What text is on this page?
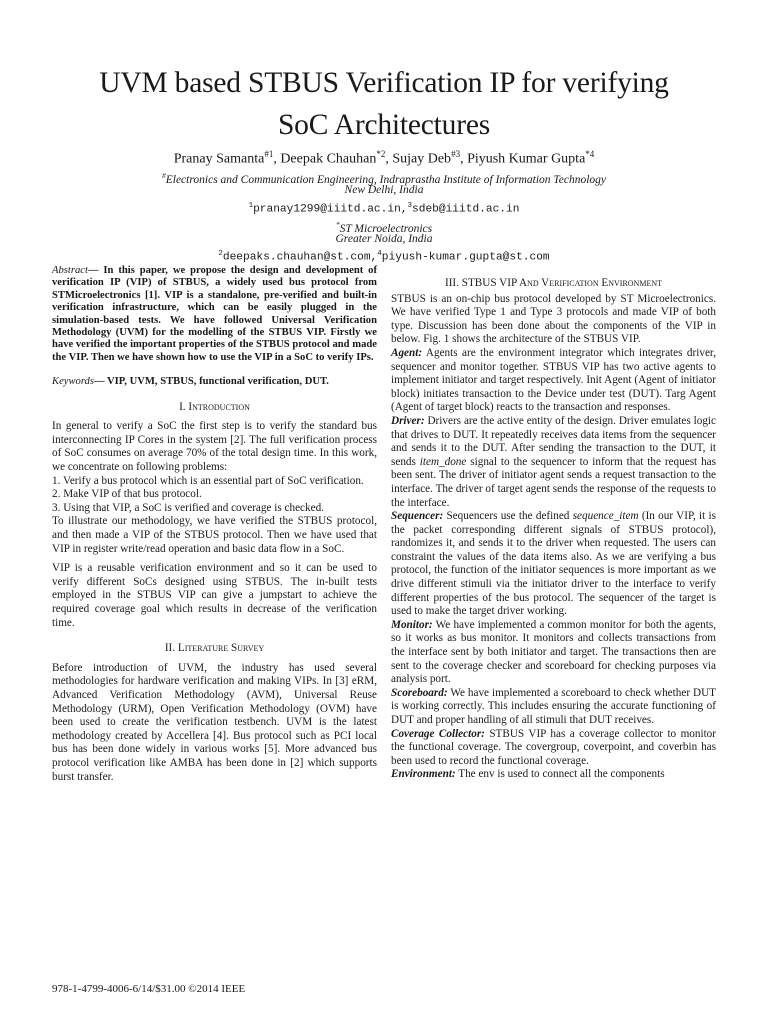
UVM based STBUS Verification IP for verifying
SoC Architectures
Pranay Samanta$^{\#1}$, Deepak Chauhan$^{*2}$, Sujay Deb$^{\#3}$, Piyush Kumar Gupta$^{*4}$
#Electronics and Communication Engineering, Indraprastha Institute of Information Technology
New Delhi, India
$^1$pranay1299@iiitd.ac.in,$^3$sdeb@iiitd.ac.in
*ST Microelectronics
Greater Noida, India
$^2$deepaks.chauhan@st.com,$^4$piyush-kumar.gupta@st.com

Abstract— In this paper, we propose the design and development of verification IP (VIP) of STBUS, a widely used bus protocol from STMicroelectronics [1]. VIP is a standalone, pre-verified and built-in verification infrastructure, which can be easily plugged in the simulation-based tests. We have followed Universal Verification Methodology (UVM) for the modelling of the STBUS VIP. Firstly we have verified the important properties of the STBUS protocol and made the VIP. Then we have shown how to use the VIP in a SoC to verify IPs.

Keywords— VIP, UVM, STBUS, functional verification, DUT.

I. Introduction

In general to verify a SoC the first step is to verify the standard bus interconnecting IP Cores in the system [2]. The full verification process of SoC consumes on average 70% of the total design time. In this work, we concentrate on following problems:

1. Verify a bus protocol which is an essential part of SoC verification.

2. Make VIP of that bus protocol.

3. Using that VIP, a SoC is verified and coverage is checked.

To illustrate our methodology, we have verified the STBUS protocol, and then made a VIP of the STBUS protocol. Then we have used that VIP in register write/read operation and basic data flow in a SoC.

VIP is a reusable verification environment and so it can be used to verify different SoCs designed using STBUS. The in-built tests employed in the STBUS VIP can give a jumpstart to achieve the required coverage goal which results in decrease of the verification time.

II. Literature Survey

Before introduction of UVM, the industry has used several methodologies for hardware verification and making VIPs. In [3] eRM, Advanced Verification Methodology (AVM), Universal Reuse Methodology (URM), Open Verification Methodology (OVM) have been used to create the verification testbench. UVM is the latest methodology created by Accellera [4]. Bus protocol such as PCI local bus has been done widely in various works [5]. More advanced bus protocol verification like AMBA has been done in [2] which supports burst transfer.

III. STBUS VIP And Verification Environment

STBUS is an on-chip bus protocol developed by ST Microelectronics. We have verified Type 1 and Type 3 protocols and made VIP of both type. Discussion has been done about the components of the VIP in below. Fig. 1 shows the architecture of the STBUS VIP.

Agent: Agents are the environment integrator which integrates driver, sequencer and monitor together. STBUS VIP has two active agents to implement initiator and target respectively. Init Agent (Agent of initiator block) initiates transaction to the Device under test (DUT). Targ Agent (Agent of target block) reacts to the transaction and responses.

Driver: Drivers are the active entity of the design. Driver emulates logic that drives to DUT. It repeatedly receives data items from the sequencer and sends it to the DUT. After sending the transaction to the DUT, it sends item_done signal to the sequencer to inform that the request has been sent. The driver of initiator agent sends a request transaction to the interface. The driver of target agent sends the response of the requests to the interface.

Sequencer: Sequencers use the defined sequence_item (In our VIP, it is the packet corresponding different signals of STBUS protocol), randomizes it, and sends it to the driver when requested. The users can constraint the values of the data items also. As we are verifying a bus protocol, the function of the initiator sequences is more important as we drive different stimuli via the initiator driver to the interface to verify different properties of the bus protocol. The sequencer of the target is used to make the target driver working.

Monitor: We have implemented a common monitor for both the agents, so it works as bus monitor. It monitors and collects transactions from the interface sent by both initiator and target. The transactions then are sent to the coverage checker and scoreboard for checking purposes via analysis port.

Scoreboard: We have implemented a scoreboard to check whether DUT is working correctly. This includes ensuring the accurate functioning of DUT and proper handling of all stimuli that DUT receives.

Coverage Collector: STBUS VIP has a coverage collector to monitor the functional coverage. The covergroup, coverpoint, and coverbin has been used to record the functional coverage.

Environment: The env is used to connect all the components

978-1-4799-4006-6/14/$31.00 ©2014 IEEE
